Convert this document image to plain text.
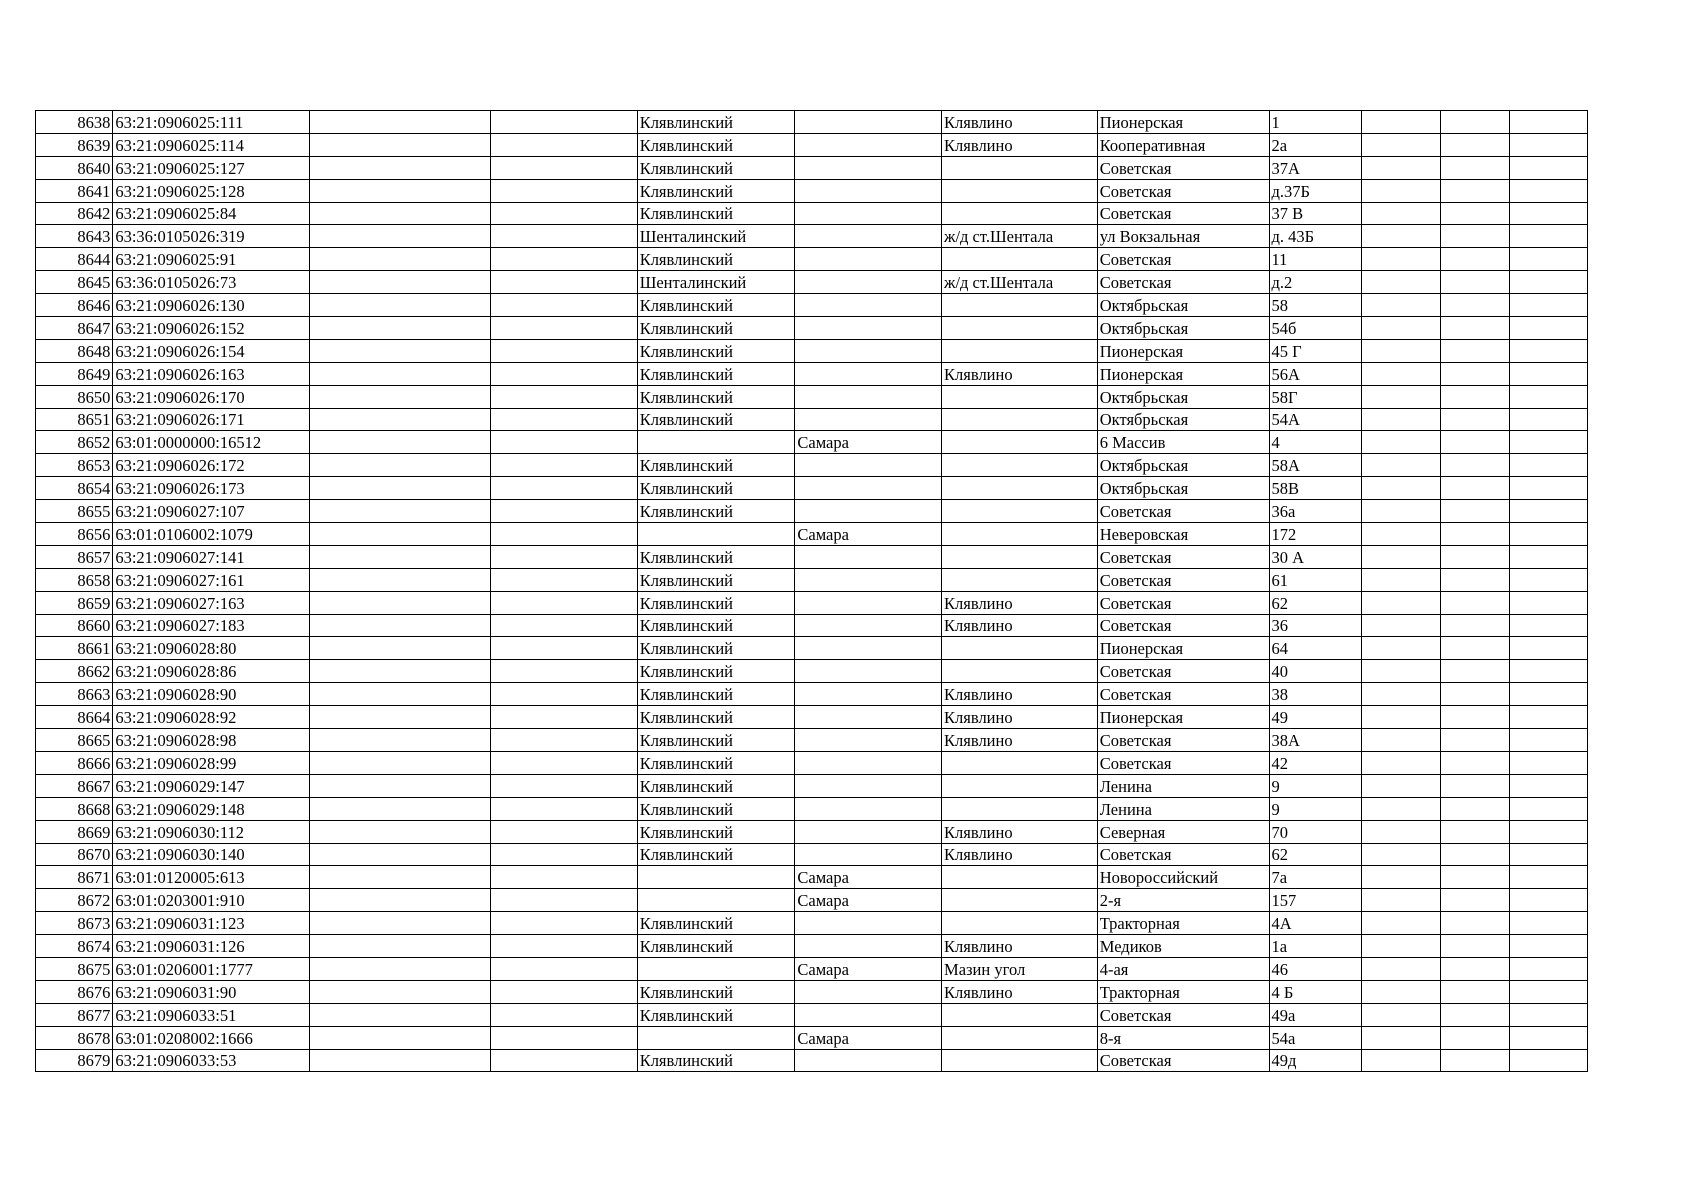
8638	63:21:0906025:111			Клявлинский		Клявлино	Пионерская	1			
8639	63:21:0906025:114			Клявлинский		Клявлино	Кооперативная	2а			
8640	63:21:0906025:127			Клявлинский			Советская	37А			
8641	63:21:0906025:128			Клявлинский			Советская	д.37Б			
8642	63:21:0906025:84			Клявлинский			Советская	37 В			
8643	63:36:0105026:319			Шенталинский		ж/д ст.Шентала	ул Вокзальная	д. 43Б			
8644	63:21:0906025:91			Клявлинский			Советская	11			
8645	63:36:0105026:73			Шенталинский		ж/д ст.Шентала	Советская	д.2			
8646	63:21:0906026:130			Клявлинский			Октябрьская	58			
8647	63:21:0906026:152			Клявлинский			Октябрьская	54б			
8648	63:21:0906026:154			Клявлинский			Пионерская	45 Г			
8649	63:21:0906026:163			Клявлинский		Клявлино	Пионерская	56А			
8650	63:21:0906026:170			Клявлинский			Октябрьская	58Г			
8651	63:21:0906026:171			Клявлинский			Октябрьская	54А			
8652	63:01:0000000:16512				Самара		6 Массив	4			
8653	63:21:0906026:172			Клявлинский			Октябрьская	58А			
8654	63:21:0906026:173			Клявлинский			Октябрьская	58В			
8655	63:21:0906027:107			Клявлинский			Советская	36а			
8656	63:01:0106002:1079				Самара		Неверовская	172			
8657	63:21:0906027:141			Клявлинский			Советская	30 А			
8658	63:21:0906027:161			Клявлинский			Советская	61			
8659	63:21:0906027:163			Клявлинский		Клявлино	Советская	62			
8660	63:21:0906027:183			Клявлинский		Клявлино	Советская	36			
8661	63:21:0906028:80			Клявлинский			Пионерская	64			
8662	63:21:0906028:86			Клявлинский			Советская	40			
8663	63:21:0906028:90			Клявлинский		Клявлино	Советская	38			
8664	63:21:0906028:92			Клявлинский		Клявлино	Пионерская	49			
8665	63:21:0906028:98			Клявлинский		Клявлино	Советская	38А			
8666	63:21:0906028:99			Клявлинский			Советская	42			
8667	63:21:0906029:147			Клявлинский			Ленина	9			
8668	63:21:0906029:148			Клявлинский			Ленина	9			
8669	63:21:0906030:112			Клявлинский		Клявлино	Северная	70			
8670	63:21:0906030:140			Клявлинский		Клявлино	Советская	62			
8671	63:01:0120005:613				Самара		Новороссийский	7а			
8672	63:01:0203001:910				Самара		2-я	157			
8673	63:21:0906031:123			Клявлинский			Тракторная	4А			
8674	63:21:0906031:126			Клявлинский		Клявлино	Медиков	1а			
8675	63:01:0206001:1777				Самара	Мазин угол	4-ая	46			
8676	63:21:0906031:90			Клявлинский		Клявлино	Тракторная	4 Б			
8677	63:21:0906033:51			Клявлинский			Советская	49а			
8678	63:01:0208002:1666				Самара		8-я	54а			
8679	63:21:0906033:53			Клявлинский			Советская	49д			
